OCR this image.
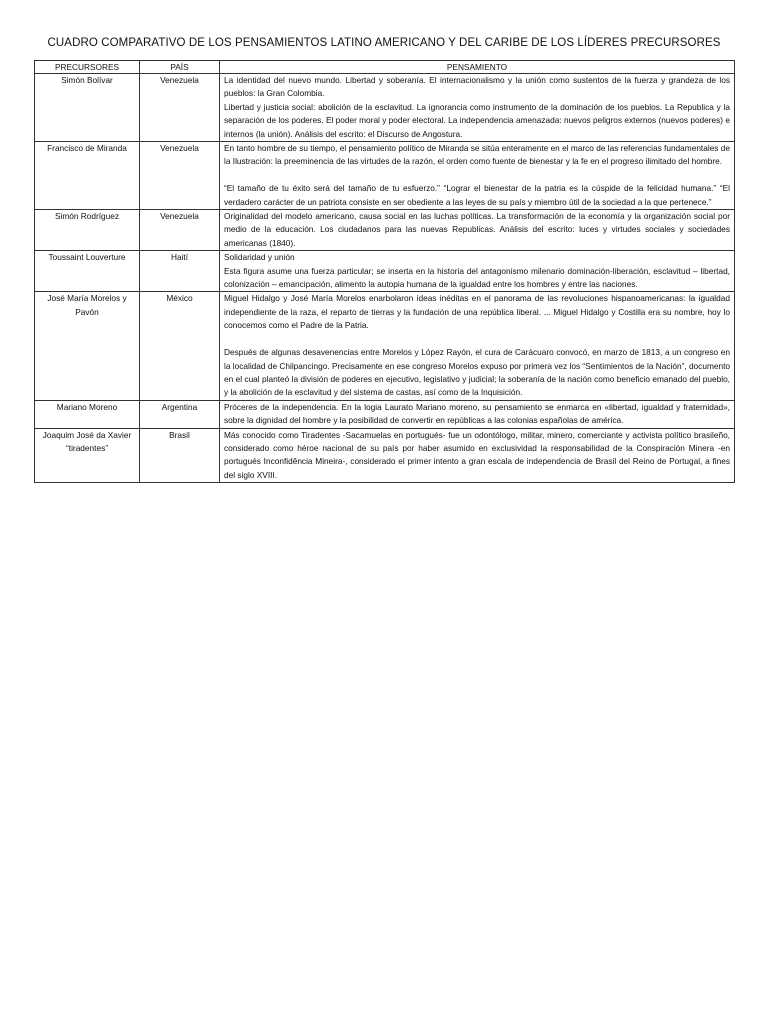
CUADRO COMPARATIVO DE LOS PENSAMIENTOS LATINO AMERICANO Y DEL CARIBE DE LOS LÍDERES PRECURSORES
PRECURSORES	PAÍS	PENSAMIENTO
Simón Bolívar	Venezuela	La identidad del nuevo mundo. Libertad y soberanía. El internacionalismo y la unión como sustentos de la fuerza y grandeza de los pueblos: la Gran Colombia.

Libertad y justicia social: abolición de la esclavitud. La ignorancia como instrumento de la dominación de los pueblos. La Republica y la separación de los poderes. El poder moral y poder electoral. La independencia amenazada: nuevos peligros externos (nuevos poderes) e internos (la unión). Análisis del escrito: el Discurso de Angostura.

Francisco de Miranda	Venezuela	En tanto hombre de su tiempo, el pensamiento político de Miranda se sitúa enteramente en el marco de las referencias fundamentales de la Ilustración: la preeminencia de las virtudes de la razón, el orden como fuente de bienestar y la fe en el progreso ilimitado del hombre.

“El tamaño de tu éxito será del tamaño de tu esfuerzo.” “Lograr el bienestar de la patria es la cúspide de la felicidad humana.” “El verdadero carácter de un patriota consiste en ser obediente a las leyes de su país y miembro útil de la sociedad a la que pertenece.”

Simón Rodríguez	Venezuela	Originalidad del modelo americano, causa social en las luchas políticas. La transformación de la economía y la organización social por medio de la educación. Los ciudadanos para las nuevas Republicas. Análisis del escrito: luces y virtudes sociales y sociedades americanas (1840).

Toussaint Louverture	Haití	Solidaridad y unión

Esta figura asume una fuerza particular; se inserta en la historia del antagonismo milenario dominación-liberación, esclavitud – libertad, colonización – emancipación, alimento la autopia humana de la igualdad entre los hombres y entre las naciones.

José María Morelos y Pavón	México	Miguel Hidalgo y José María Morelos enarbolaron ideas inéditas en el panorama de las revoluciones hispanoamericanas: la igualdad independiente de la raza, el reparto de tierras y la fundación de una república liberal. ... Miguel Hidalgo y Costilla era su nombre, hoy lo conocemos como el Padre de la Patria.

Después de algunas desavenencias entre Morelos y López Rayón, el cura de Carácuaro convocó, en marzo de 1813, a un congreso en la localidad de Chilpancingo. Precisamente en ese congreso Morelos expuso por primera vez los “Sentimientos de la Nación”, documento en el cual planteó la división de poderes en ejecutivo, legislativo y judicial; la soberanía de la nación como beneficio emanado del pueblo, y la abolición de la esclavitud y del sistema de castas, así como de la Inquisición.

Mariano Moreno	Argentina	Próceres de la independencia. En la logia Laurato Mariano moreno, su pensamiento se enmarca en «libertad, igualdad y fraternidad», sobre la dignidad del hombre y la posibilidad de convertir en repúblicas a las colonias españolas de américa.

Joaquim José da Xavier “tiradentes”	Brasil	Más conocido como Tiradentes -Sacamuelas en portugués- fue un odontólogo, militar, minero, comerciante y activista político brasileño, considerado como héroe nacional de su país por haber asumido en exclusividad la responsabilidad de la Conspiración Minera -en portugués Inconfidência Mineira-, considerado el primer intento a gran escala de independencia de Brasil del Reino de Portugal, a fines del siglo XVIII.
